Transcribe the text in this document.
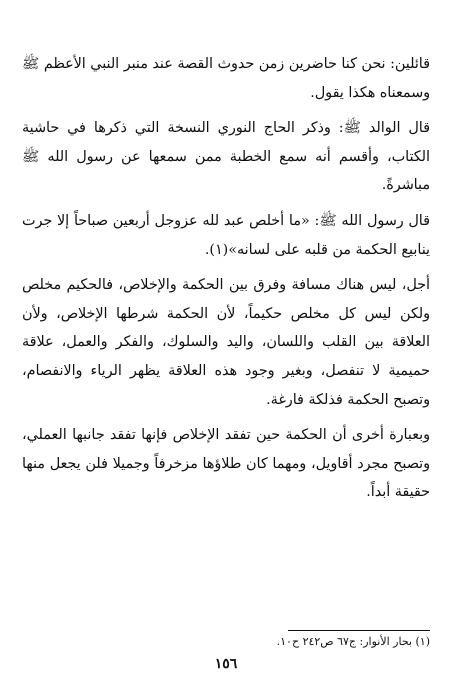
قائلين: نحن كنا حاضرين زمن حدوث القصة عند منبر النبي الأعظم ﷺ وسمعناه هكذا يقول.

قال الوالد ﷺ: وذكر الحاج النوري النسخة التي ذكرها في حاشية الكتاب، وأقسم أنه سمع الخطبة ممن سمعها عن رسول الله ﷺ مباشرةً.

قال رسول الله ﷺ: «ما أخلص عبد لله عزوجل أربعين صباحاً إلا جرت ينابيع الحكمة من قلبه على لسانه»(١).

أجل، ليس هناك مسافة وفرق بين الحكمة والإخلاص، فالحكيم مخلص ولكن ليس كل مخلص حكيماً، لأن الحكمة شرطها الإخلاص، ولأن العلاقة بين القلب واللسان، واليد والسلوك، والفكر والعمل، علاقة حميمية لا تنفصل، وبغير وجود هذه العلاقة يظهر الرياء والانفصام، وتصبح الحكمة فذلكة فارغة.

وبعبارة أخرى أن الحكمة حين تفقد الإخلاص فإنها تفقد جانبها العملي، وتصبح مجرد أقاويل، ومهما كان طلاؤها مزخرفاً وجميلا فلن يجعل منها حقيقة أبداً.

(١) بحار الأنوار: ج٦٧ ص٢٤٢ ح١٠.
١٥٦
